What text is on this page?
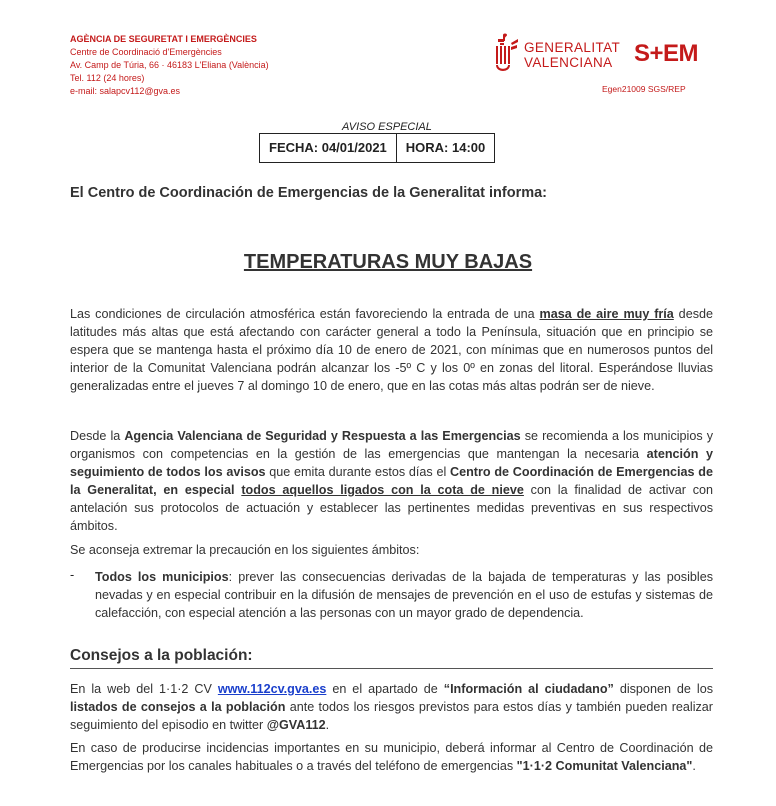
AGÈNCIA DE SEGURETAT I EMERGÈNCIES
Centre de Coordinació d'Emergències
Av. Camp de Túria, 66 · 46183 L'Eliana (València)
Tel. 112 (24 hores)
e-mail: salapcv112@gva.es
GENERALITAT
VALENCIANA S+EM
Egen21009 SGS/REP
AVISO ESPECIAL
FECHA: 04/01/2021	HORA: 14:00
El Centro de Coordinación de Emergencias de la Generalitat informa:
TEMPERATURAS MUY BAJAS
Las condiciones de circulación atmosférica están favoreciendo la entrada de una masa de aire muy fría desde latitudes más altas que está afectando con carácter general a todo la Península, situación que en principio se espera que se mantenga hasta el próximo día 10 de enero de 2021, con mínimas que en numerosos puntos del interior de la Comunitat Valenciana podrán alcanzar los -5º C y los 0º en zonas del litoral. Esperándose lluvias generalizadas entre el jueves 7 al domingo 10 de enero, que en las cotas más altas podrán ser de nieve.
Desde la Agencia Valenciana de Seguridad y Respuesta a las Emergencias se recomienda a los municipios y organismos con competencias en la gestión de las emergencias que mantengan la necesaria atención y seguimiento de todos los avisos que emita durante estos días el Centro de Coordinación de Emergencias de la Generalitat, en especial todos aquellos ligados con la cota de nieve con la finalidad de activar con antelación sus protocolos de actuación y establecer las pertinentes medidas preventivas en sus respectivos ámbitos.
Se aconseja extremar la precaución en los siguientes ámbitos:
- Todos los municipios: prever las consecuencias derivadas de la bajada de temperaturas y las posibles nevadas y en especial contribuir en la difusión de mensajes de prevención en el uso de estufas y sistemas de calefacción, con especial atención a las personas con un mayor grado de dependencia.
Consejos a la población:
En la web del 1·1·2 CV www.112cv.gva.es en el apartado de “Información al ciudadano” disponen de los listados de consejos a la población ante todos los riesgos previstos para estos días y también pueden realizar seguimiento del episodio en twitter @GVA112.
En caso de producirse incidencias importantes en su municipio, deberá informar al Centro de Coordinación de Emergencias por los canales habituales o a través del teléfono de emergencias "1·1·2 Comunitat Valenciana".
